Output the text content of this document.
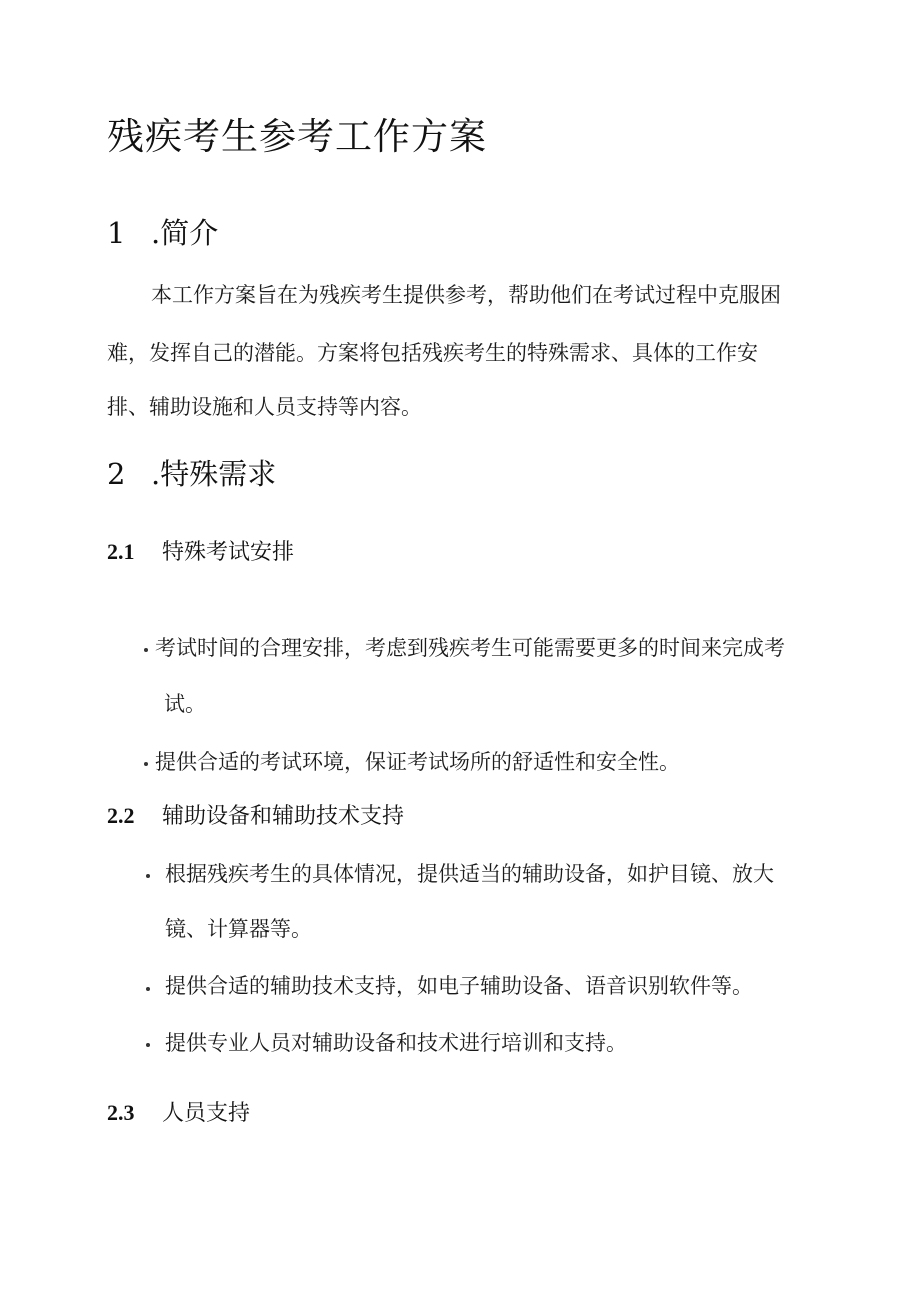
残疾考生参考工作方案
1 .简介
本工作方案旨在为残疾考生提供参考，帮助他们在考试过程中克服困
难，发挥自己的潜能。方案将包括残疾考生的特殊需求、具体的工作安
排、辅助设施和人员支持等内容。
2 .特殊需求
2.1 特殊考试安排
考试时间的合理安排，考虑到残疾考生可能需要更多的时间来完成考
试。
提供合适的考试环境，保证考试场所的舒适性和安全性。
2.2 辅助设备和辅助技术支持
根据残疾考生的具体情况，提供适当的辅助设备，如护目镜、放大
镜、计算器等。
提供合适的辅助技术支持，如电子辅助设备、语音识别软件等。
提供专业人员对辅助设备和技术进行培训和支持。
2.3 人员支持
